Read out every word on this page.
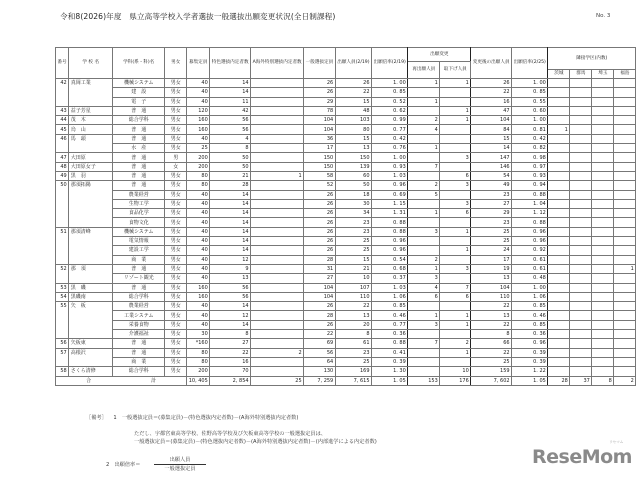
令和8(2026)年度　県立高等学校入学者選抜一般選抜出願変更状況(全日制課程)	No. 3
番号	学 校 名	学科(系・科)名	男女	募集定員	特色選抜内定者数	A海外特別選抜内定者数	一般選抜定員	出願人員(2/19)	出願倍率(2/19)	出願変更		変更後の出願人員	出願倍率(2/25)	隣接学区(内数)			
										再出願人員	取下げ人員						
														茨城	群馬	埼玉	福島
42	真岡工業	機械システム	男女	40	14		26	26	1. 00	1	1	26	1. 00				
		建　設	男女	40	14		26	22	0. 85			22	0. 85				
		電　子	男女	40	11		29	15	0. 52	1		16	0. 55				
43	益子芳星	普　通	男女	120	42		78	48	0. 62		1	47	0. 60				
44	茂　木	総合学科	男女	160	56		104	103	0. 99	2	1	104	1. 00				
45	烏　山	普　通	男女	160	56		104	80	0. 77	4		84	0. 81	1			
46	馬　頭	普　通	男女	40	4		36	15	0. 42			15	0. 42				
		水　産	男女	25	8		17	13	0. 76	1		14	0. 82				
47	大田原	普　通	男	200	50		150	150	1. 00		3	147	0. 98				
48	大田原女子	普　通	女	200	50		150	139	0. 93	7		146	0. 97				
49	黒　羽	普　通	男女	80	21	1	58	60	1. 03		6	54	0. 93				
50	那須拓陽	普　通	男女	80	28		52	50	0. 96	2	3	49	0. 94				
		農業経営	男女	40	14		26	18	0. 69	5		23	0. 88				
		生物工学	男女	40	14		26	30	1. 15		3	27	1. 04				
		食品化学	男女	40	14		26	34	1. 31	1	6	29	1. 12				
		食物文化	男女	40	14		26	23	0. 88			23	0. 88				
51	那須清峰	機械システム	男女	40	14		26	23	0. 88	3	1	25	0. 96				
		電気情報	男女	40	14		26	25	0. 96			25	0. 96				
		建設工学	男女	40	14		26	25	0. 96		1	24	0. 92				
		商　業	男女	40	12		28	15	0. 54	2		17	0. 61				
52	那　須	普　通	男女	40	9		31	21	0. 68	1	3	19	0. 61				1
		リゾート観光	男女	40	13		27	10	0. 37	3		13	0. 48				
53	黒　磯	普　通	男女	160	56		104	107	1. 03	4	7	104	1. 00				
54	黒磯南	総合学科	男女	160	56		104	110	1. 06	6	6	110	1. 06				
55	矢　板	農業経営	男女	40	14		26	22	0. 85			22	0. 85				
		工業システム	男女	40	12		28	13	0. 46	1	1	13	0. 46				
		栄養食物	男女	40	14		26	20	0. 77	3	1	22	0. 85				
		介護福祉	男女	30	8		22	8	0. 36			8	0. 36				
56	矢板東	普　通	男女	*160	27		69	61	0. 88	7	2	66	0. 96				
57	高根沢	普　通	男女	80	22	2	56	23	0. 41		1	22	0. 39				
		商　業	男女	80	16		64	25	0. 39			25	0. 39				
58	さくら清修	総合学科	男女	200	70		130	169	1. 30		10	159	1. 22				
合 計				10, 405	2, 854	25	7, 259	7, 615	1. 05	153	176	7, 602	1. 05	28	37	8	2
［備考］ 1　一般選抜定員＝(募集定員)－(特色選抜内定者数)－(A海外特別選抜内定者数)
ただし、宇都宮東高等学校、佐野高等学校及び矢板東高等学校の一般選抜定員は、
一般選抜定員＝(募集定員)－(特色選抜内定者数)－(A海外特別選抜内定者数)－(内部進学による内定者数)
2　出願倍率＝
出願人員
一般選抜定員
ReseMom
リセマム
